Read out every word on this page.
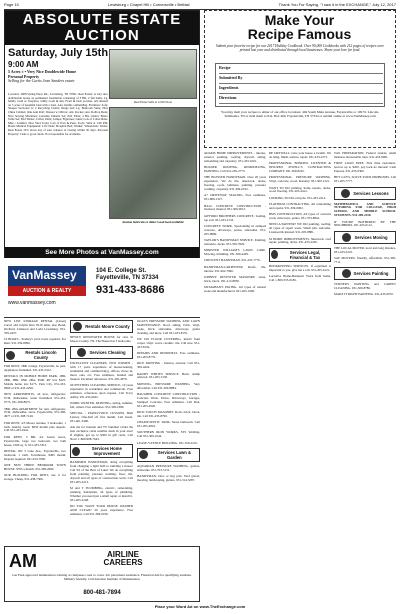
Page 10	Lewisburg • Chapel Hill • Cornersville • Belfast	Thank You For Saying, "I saw it in the EXCHANGE," July 12, 2017
ABSOLUTE ESTATE
AUCTION
Saturday, July 15th
9:00 AM
5 Acres ± • Very Nice Doublewide Home
Personal Property
Selling for the Curtis Jean Sanders estate
Real Estate Sells at 12:00 Noon
Location: 2008 Spring Place Rd., Lewisburg, TN 37091. Real Estate: A very nice doublewide house on permanent foundation consisting of 3 BR, 2 full baths, Lg. family room w/ fireplace, utility room & den. Front & back porches. All situated on 5 acres of beautiful land with a barn. Also Outfits outbuilding. Furniture: Sofa; Sleeper Sectional w/ 2 Recycling Chairs; Kings bed; Lg. Bedroom Suite; Nice China Cabinet; Oak Arm Roll; Dresser w/ Mirror; Ant. Rocker; Ant. Rolltop Desk; Nice Sewing Machines; Curtains; Dinette Set; Pub Table; 2 Bar Chairs; Bistro Table Set; End Tables; Coffee Table; Lamps; Figurines; Guns; Lots of Collectibles. Misc.: Ladders; Nice Yard Tools; Lots of Pots & Pans. Tools: Sells at 1:00 PM. Home Medical Equipment: Lift Chair; Hospital Bed; Walker; Wheelchair. Terms: Real Estate 10% down day of sale, balance at closing within 30 days. Personal Property: Cash or good check. Not responsible for accidents.
Auction held rain or shine! Good food available!
See More Photos at VanMassey.com
Make Your
Recipe Famous
Submit your favorite recipe for our 2017 Holiday Cookbook. Over 90,000 Cookbooks with 212 pages of recipes were printed last year and distributed through local businesses. Share your love for food.
Recipe
Submitted By
Ingredients
Directions
You may mail your recipes to either of our office locations: 404 South Main Avenue, Fayetteville or 109 W. Lincoln, Tullahoma, TN or mail them to P.O. Box 490, Fayetteville, TN 37334 or submit online at www.VanMassey.com
VanMassey
AUCTION & REALTY
104 E. College St.
Fayetteville, TN 37334
931-433-8686
www.vanmassey.com

NEW LIST STORAGE RENTAL (Closet) Carrol and Jolynn have 8x10 units, also Bond, Orchard, Cameron and Ladd Lewisburg. 931-359-2437.

10 BOATS - Stanley's yard, boats repaired. For Rent. 931-359-8090.

Rentals Lincoln County

FOR RENT, 2BR cottage, Fayetteville, no pets. Appliances furnished. 931-433-5412.

RENTALS IN MOBILE HOME PARK, 1BR, 2BR, 3BR. 1BR, 2BA, $500. RV lots $325. Mobile home lots $175. Park City, 931-433-0960 or 931-433-2299.

NEW APARTMENTS, all new, refrigerator, W/D, dishwasher, water furnished. 931-433-0773, 931-308-8975.

3BR, 2BA APARTMENT for rent, refrigerator, W/D, dishwasher, stove. Fayetteville, 931-308-4977 or 931-308-7149.

FOR RENT, 4/3 Moore Avenue, 3 bedrooms, 1 bath, laundry room. $650 month plus deposit. Call 931-433-0441.

FOR RENT, 3 BR, 4/2 Green Acres, Fayetteville, large two bedroom, two bath house, 1000 sq. ft. 931-433-5312.

RENTAL ON 3 Lane Ave., Fayetteville, two bedroom, 1 bath, Townhouse, $495 month. Deposit required. 931-433-7000.

ONE NEW THREE BEDROOM TOWN HOUSE. $795 a month. 931-309-2960.

OUR BUILDING FOR RENT, use it for storage. Cheap, 931-438-7366.

Rentals Moore County

NEWLY RENOVATED HOUSE for rent, in Moore County, TN. The House has 3 bedrooms.

Services Cleaning

EXCELLENT CLEANERS, TWO WOMEN - with 17 years experience of housecleaning, residential and commercial(s), offices, move in, move outs, etc. Free estimates, bonded and insured. Excellent references. 931-205-4979.

OUTFITTERS CLEANING SERVICE, 19 years experience in residential and commercial. Free estimates, references upon request. Call Tracy Ashby, 931-433-6622.

WORK WANTED. PAINTING, spring, summer, fall, winter. Free estimates. 931-309-1980.

SPECIAL - PIANO/VOICE LESSONS. Beth Lynsey. One-half off first month. Call Jessie. 931-401-3400.

Ask me for internet and TV bundles! Order the best exclusive cable satellite deals in your area! If eligible, get up to $300 in gift cards. Call Now! 1-800-908-7043.

Services Home Improvement

HANDMEN HANDYMAN, doing everything from changing a light bulb to building a house! Call Ed of the Best of Lake! We do everything from painting, pressure washing, floor, tile, drywall and all types of construction work. Call 931-205-2213.

M and T PLUMBING, electric, remodeling, painting, handyman, all types of plumbing. Whether you need just a small repair or install it. 931-205-2248.

DO YOU WANT YOUR HOUSE WASHED AND CLEAN? 20 years experience. Free estimates. Call 931-309-0190.

OGLE'S PRESSURE WASHING AND LAWN MAINTENANCE. Roof, siding, brick, vinyl, stone, brick, sidewalks, driveways, gutter cleaning, and more. Call 931-433-8155.

WE DO FLOOR COVERING, install from carpet, vinyl, wood, ceramic, tile. Call now. 931-433-8156.

REPAIRS AND REMODELS. Free estimates. 931-205-8776.

RICE PAINTING - Interior, exterior. Call 931-309-4424.

RANDY WHITES SERVICE. Buck, stump removal. 931-205-3130.

MOWING, PRESSURE WASHING. Very affordable. Call 931-309-8884.

BAUGHER CONCRETE CONSTRUCTION - Concrete Work, Patios, Driveways, Garages, Stamped Concrete. Free estimates. Call Rod, 931-205-4920.

RICK TOUCH MASONRY. Rock, brick, block, tile. Call 931-433-8790.

CHAMP-SEPTIC TANK. Stone bathroom. Call 931-205-4822.

SOUTHERN IRON WORKS, STS Welding. Call 931-309-1044.

LEASE-Y-FENCE BUILDING. 931-359-2210.

Services Lawn & Garden

AQUARIAN PRESSURE WASHING, gutters, sidewalks. 931-703-5131.

HANDYMAN, blow or bog jobs. Yard gravel, mowing, landscaping, gutters. 931-314-5287.

ADAMS HOME IMPROVEMENTS - interior, exterior painting, roofing, drywall, siding, remodeling and carpentry. 931-433-0101.

HOLDER ROOFING, REMODELING, PAINTING. Call 931-205-2773.

THE BLESSED HANDYMAN. Over 20 years experience. We do tile, sheetrock, decks, flooring, roofs, laminate, painting, pressure washing, carpentry. 931-309-0192.

A+ DRIVEWAY SEALING. Free estimates. 931-808-1327.

HALL CONCRETE CONSTRUCTION - licensed, insured. 931-309-0012.

GIFFORD BROTHERS CONCRETE. Sealing, top soil. 931-433-2133.

CONCRETE WORK. Specializing in stamped concrete, driveways, patios, sidewalks. 931-205-8989.

TAYLOR'S HANDYMAN SERVICE. Painting, remodels, decks. 931-359-7820.

MINISTER WILLIAM'S LAWN CARE. Mowing, trimming. 931-309-4429.

CRESCENT HANDYMAN. 931-433-7770.

HANDYMAN-CARPENTER. Roofs, tile, interior. 931-962-7990.

JOHNNY REVESTER MASONRY, stone, brick, block. 931-212-8830.

MCMAHAN'S PAVING. All types of natural stone and manufactured. 931-205-1900.

DE DRYWALL. Give your house a facelift. We do hang, finish, texture, repair. 931-433-2273.

PROFESSIONAL BONDED. LICENSED & INSURED JEWELL'S CONTRACTING COMPANY. 931-309-8222.

PROFESSIONAL PRESSURE WASHING. Vinyl, concrete, wood, masonry. 931-309-1221.

WANT TO DO painting, home repairs, decks, wood flooring. 931-205-4412.

LOOKING TO DO odd jobs. 931-433-2214.

PLATINUM CONTRACTING. All remodeling and repairs. 931-309-0002.

BMS CONSTRUCTION. All types of concrete work, driveways, patios. 931-703-8842.

NEED A PAINTER? WE DO painting, roofing, all types of repair work. Small jobs welcome. Licensed & insured. 931-205-8881.

M HOME IMPROVEMENTS. Sheetrock, roof repair, painting, decks. 931-433-2220.

Services Legal, Financial & Tax

BOOKKEEPING SERVICES. If organized is important to you, give me a call. 931-205-6121.

Lucrative Home-Business! Work from home. Call 1-800-555-0186.

TAX PREPARATION, Federal returns, small business. Reasonable rates. 931-433-0081.

FIRST LOAN FREE. First time customers, borrow up to $200, pay back no interest! Cash Express. 931-433-0300.

HEY GUYS, SOLVE YOUR PROBLEMS. Call 931-205-7777.

Services Lessons

MATHEMATICS AND SCIENCE TUTORING FOR COLLEGE, HIGH SCHOOL AND MIDDLE SCHOOL STUDENTS. 931-309-2210.

IF YOU'RE BOTHERED BY THE NEIGHBORS. 931-205-0112.

Services Moving

THE LOCAL MOVER. local and long distance. 931-433-2222.

SAY MOVERS, friendly, affordable. 931-309-7711.

Services Painting

TURNER'S PAINTING and CARPET CLEANING. 931-309-8786.

MAKE IT RIGHT PAINTING. 931-433-0070.

AM	AIRLINE
CAREERS
Get FAA approved maintenance training at campuses coast to coast. Job placement assistance. Financial Aid for qualifying students. Military friendly. Call Aviation Institute of Maintenance
800-481-7894
Place your Word Ad on www.TheExchange.com
